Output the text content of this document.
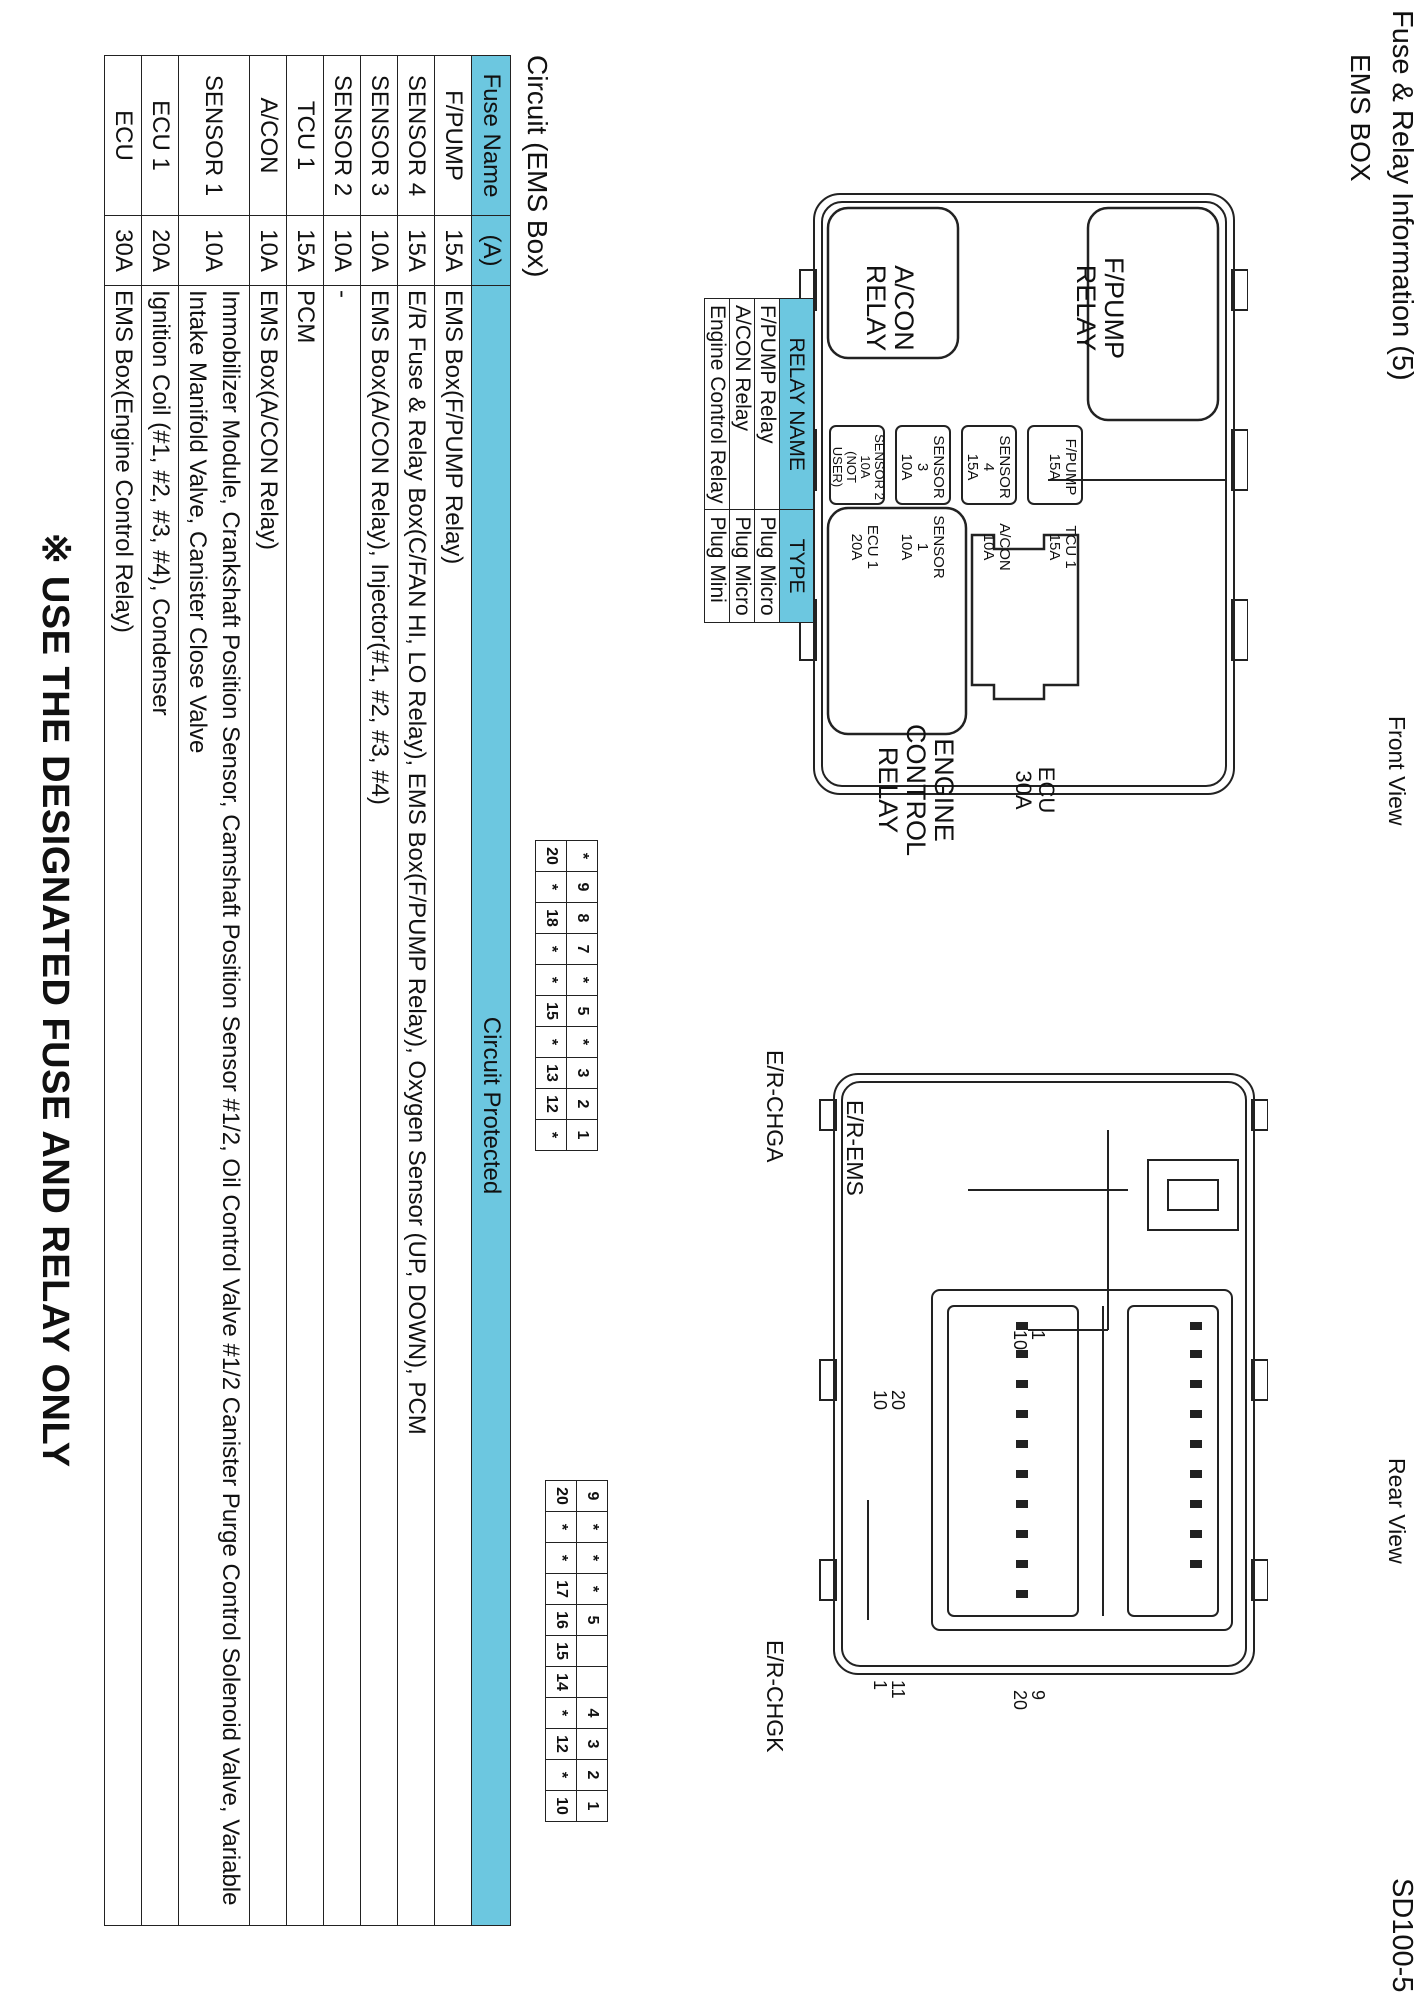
Fuse & Relay Information (5)
SD100-5
EMS BOX
Front View
Rear View
F/PUMP
RELAY
A/CON
RELAY
ENGINE
CONTROL
RELAY	ECU
30A
F/PUMP
15A
TCU 1
15A
SENSOR 4
15A
A/CON
10A
SENSOR 3
10A
SENSOR 1
10A
SENSOR 2
10A
(NOT USER)
ECU 1
20A
E/R-EMS
E/R-CHGA
E/R-CHGK
*	9	8	7	*	5	*	3	2	1
20	*	18	*	*	15	*	13	12	*
9	*	*	*	5			4	3	2	1
20	*	*	17	16	15	14	*	12	*	10
1
10
9
20
20
10
11
1
RELAY NAME	TYPE
F/PUMP Relay	Plug Micro
A/CON Relay	Plug Micro
Engine Control Relay	Plug Mini
Circuit (EMS Box)
Fuse Name	(A)	Circuit Protected
F/PUMP	15A	EMS Box(F/PUMP Relay)
SENSOR 4	15A	E/R Fuse & Relay Box(C/FAN HI, LO Relay), EMS Box(F/PUMP Relay), Oxygen Sensor (UP, DOWN), PCM
SENSOR 3	10A	EMS Box(A/CON Relay), Injector(#1, #2, #3, #4)
SENSOR 2	10A	-
TCU 1	15A	PCM
A/CON	10A	EMS Box(A/CON Relay)
SENSOR 1	10A	Immobilizer Module, Crankshaft Position Sensor, Camshaft Position Sensor #1/2, Oil Control Valve #1/2 Canister Purge Control Solenoid Valve, Variable Intake Manifold Valve, Canister Close Valve
ECU 1	20A	Ignition Coil (#1, #2, #3, #4), Condenser
ECU	30A	EMS Box(Engine Control Relay)
※ USE THE DESIGNATED FUSE AND RELAY ONLY
